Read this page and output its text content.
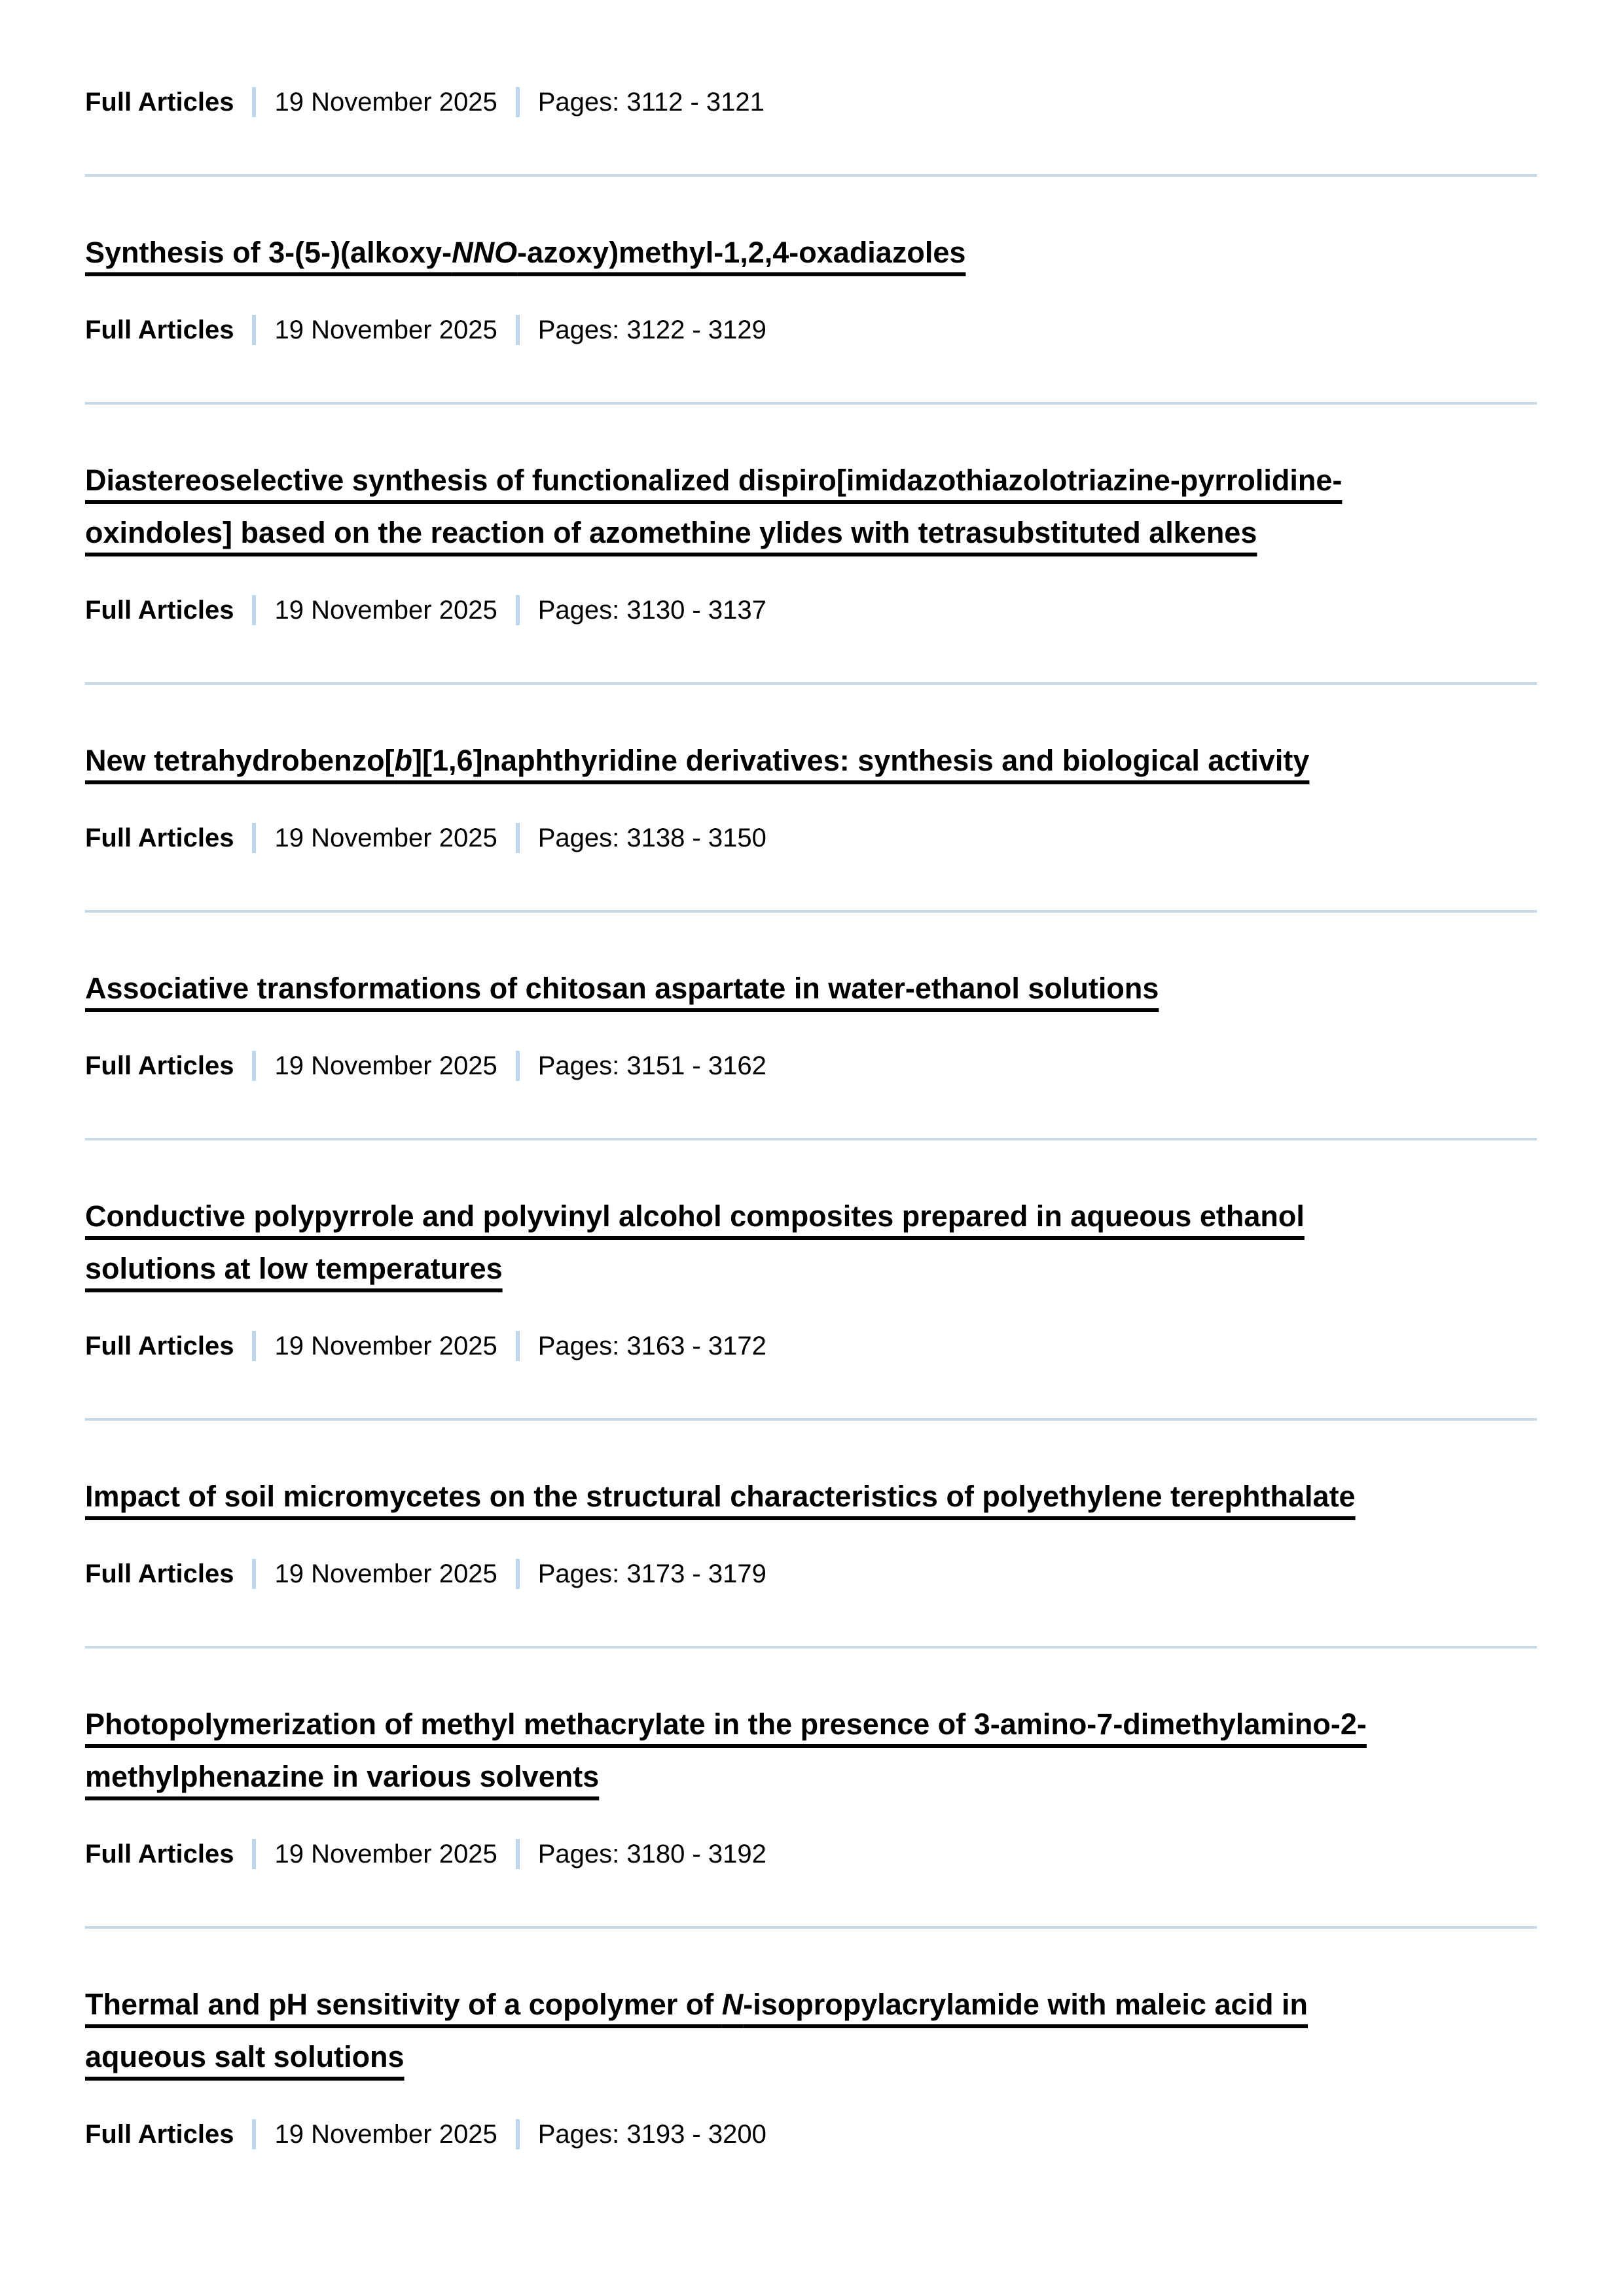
Full Articles 19 November 2025 Pages: 3112 - 3121
Synthesis of 3-(5-)(alkoxy-NNO-azoxy)methyl-1,2,4-oxadiazoles
Full Articles 19 November 2025 Pages: 3122 - 3129
Diastereoselective synthesis of functionalized dispiro[imidazothiazolotriazine-pyrrolidine-
oxindoles] based on the reaction of azomethine ylides with tetrasubstituted alkenes
Full Articles 19 November 2025 Pages: 3130 - 3137
New tetrahydrobenzo[b][1,6]naphthyridine derivatives: synthesis and biological activity
Full Articles 19 November 2025 Pages: 3138 - 3150
Associative transformations of chitosan aspartate in water-ethanol solutions
Full Articles 19 November 2025 Pages: 3151 - 3162
Conductive polypyrrole and polyvinyl alcohol composites prepared in aqueous ethanol
solutions at low temperatures
Full Articles 19 November 2025 Pages: 3163 - 3172
Impact of soil micromycetes on the structural characteristics of polyethylene terephthalate
Full Articles 19 November 2025 Pages: 3173 - 3179
Photopolymerization of methyl methacrylate in the presence of 3-amino-7-dimethylamino-2-
methylphenazine in various solvents
Full Articles 19 November 2025 Pages: 3180 - 3192
Thermal and pH sensitivity of a copolymer of N-isopropylacrylamide with maleic acid in
aqueous salt solutions
Full Articles 19 November 2025 Pages: 3193 - 3200
